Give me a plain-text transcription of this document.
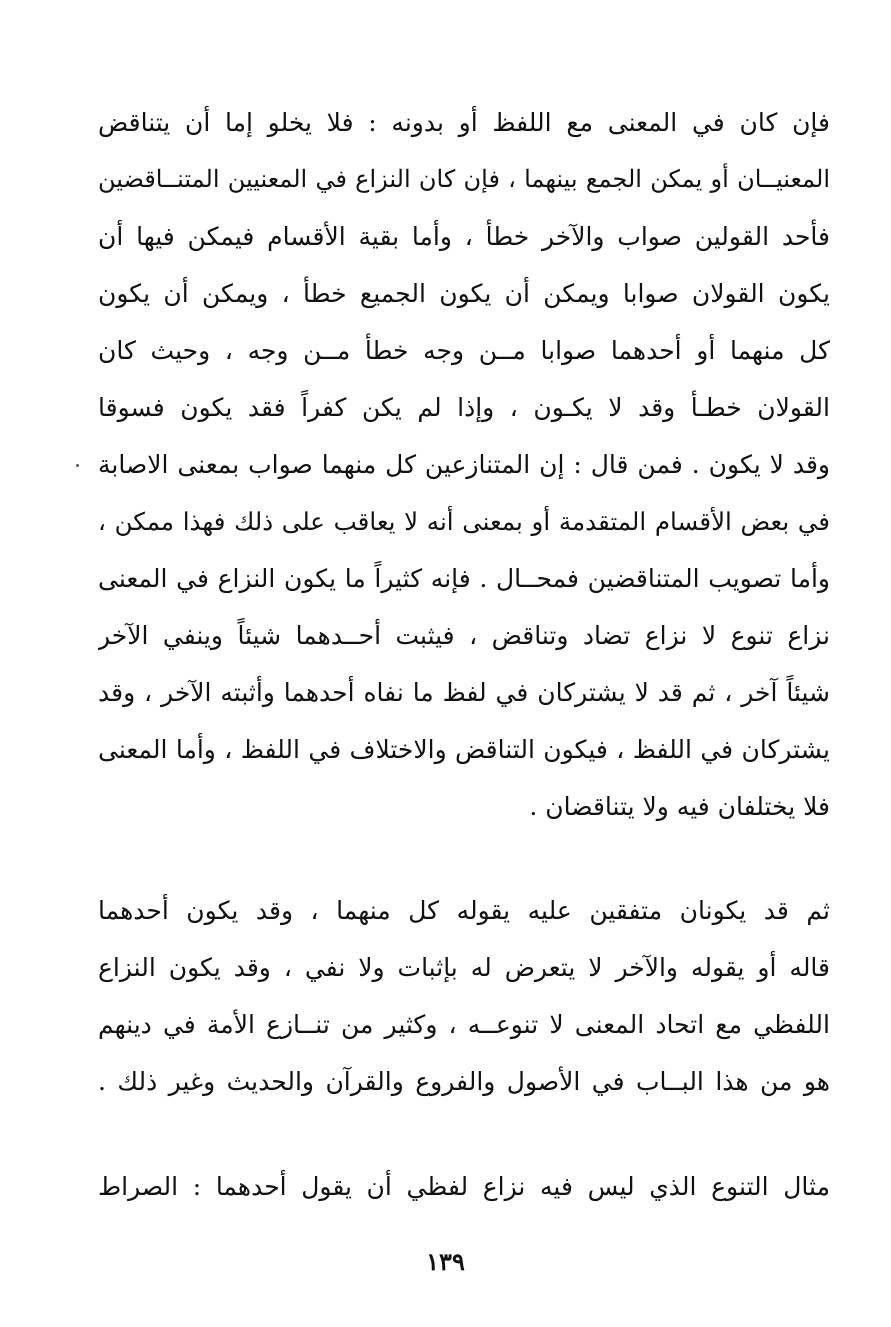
فإن كان في المعنى مع اللفظ أو بدونه : فلا يخلو إما أن يتناقض
المعنيــان أو يمكن الجمع بينهما ، فإن كان النزاع في المعنيين المتنــاقضين
فأحد القولين صواب والآخر خطأ ، وأما بقية الأقسام فيمكن فيها أن
يكون القولان صوابا ويمكن أن يكون الجميع خطأ ، ويمكن أن يكون
كل منهما أو أحدهما صوابا مــن وجه خطأ مــن وجه ، وحيث كان
القولان خطـأ وقد لا يكـون ، وإذا لم يكن كفراً فقد يكون فسوقا
وقد لا يكون . فمن قال : إن المتنازعين كل منهما صواب بمعنى الاصابة
في بعض الأقسام المتقدمة أو بمعنى أنه لا يعاقب على ذلك فهذا ممكن ،
وأما تصويب المتناقضين فمحــال . فإنه كثيراً ما يكون النزاع في المعنى
نزاع تنوع لا نزاع تضاد وتناقض ، فيثبت أحــدهما شيئاً وينفي الآخر
شيئاً آخر ، ثم قد لا يشتركان في لفظ ما نفاه أحدهما وأثبته الآخر ، وقد
يشتركان في اللفظ ، فيكون التناقض والاختلاف في اللفظ ، وأما المعنى
فلا يختلفان فيه ولا يتناقضان .
ثم قد يكونان متفقين عليه يقوله كل منهما ، وقد يكون أحدهما
قاله أو يقوله والآخر لا يتعرض له بإثبات ولا نفي ، وقد يكون النزاع
اللفظي مع اتحاد المعنى لا تنوعــه ، وكثير من تنــازع الأمة في دينهم
هو من هذا البــاب في الأصول والفروع والقرآن والحديث وغير ذلك .
مثال التنوع الذي ليس فيه نزاع لفظي أن يقول أحدهما : الصراط
١٣٩
